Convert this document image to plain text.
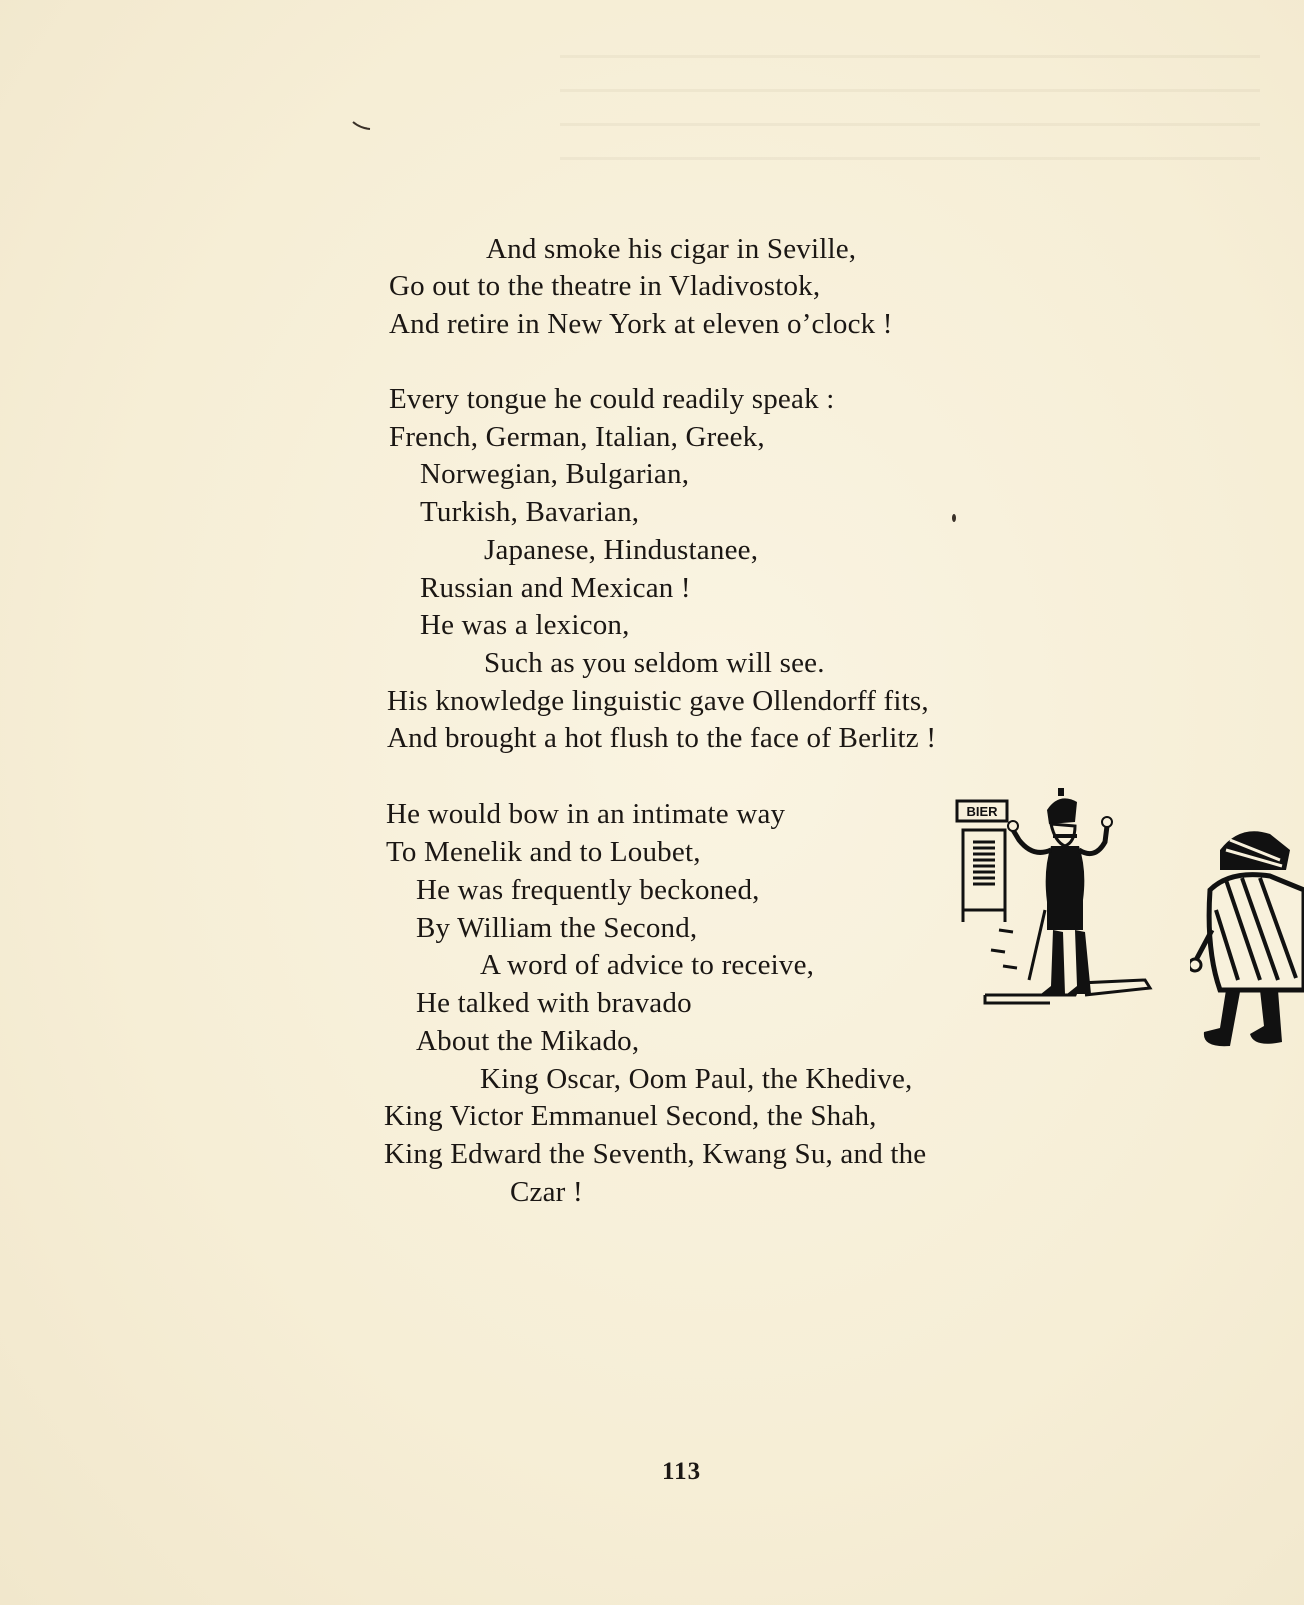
And smoke his cigar in Seville,
Go out to the theatre in Vladivostok,
And retire in New York at eleven o’clock !
Every tongue he could readily speak :
French, German, Italian, Greek,
Norwegian, Bulgarian,
Turkish, Bavarian,
Japanese, Hindustanee,
Russian and Mexican !
He was a lexicon,
Such as you seldom will see.
His knowledge linguistic gave Ollendorff fits,
And brought a hot flush to the face of Berlitz !
He would bow in an intimate way
To Menelik and to Loubet,
He was frequently beckoned,
By William the Second,
A word of advice to receive,
He talked with bravado
About the Mikado,
King Oscar, Oom Paul, the Khedive,
King Victor Emmanuel Second, the Shah,
King Edward the Seventh, Kwang Su, and the
Czar !
BIER
113
